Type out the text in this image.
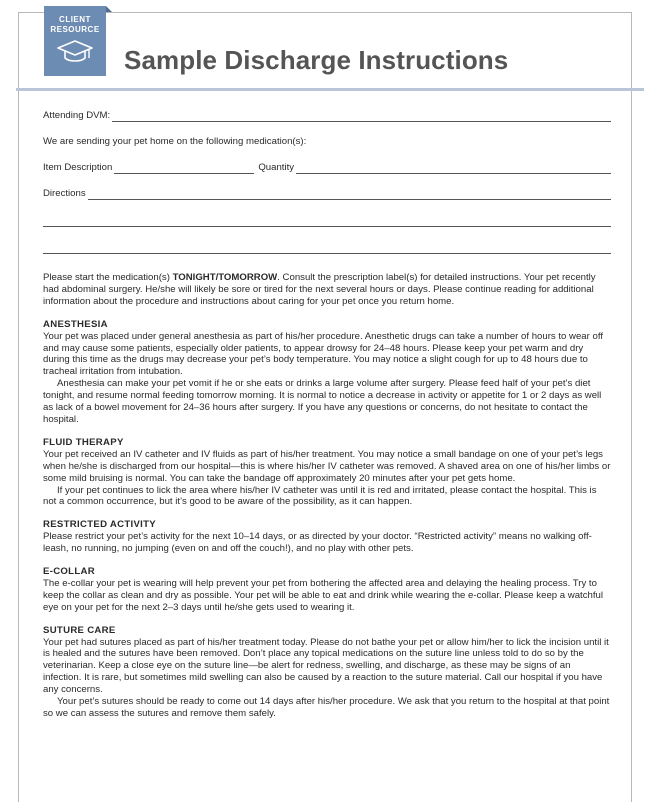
CLIENT
RESOURCE
Sample Discharge Instructions
Attending DVM:
We are sending your pet home on the following medication(s):
Item Description	Quantity
Directions

Please start the medication(s) TONIGHT/TOMORROW. Consult the prescription label(s) for detailed instructions. Your pet recently had abdominal surgery. He/she will likely be sore or tired for the next several hours or days. Please continue reading for additional information about the procedure and instructions about caring for your pet once you return home.

ANESTHESIA

Your pet was placed under general anesthesia as part of his/her procedure. Anesthetic drugs can take a number of hours to wear off and may cause some patients, especially older patients, to appear drowsy for 24–48 hours. Please keep your pet warm and dry during this time as the drugs may decrease your pet’s body temperature. You may notice a slight cough for up to 48 hours due to tracheal irritation from intubation.

Anesthesia can make your pet vomit if he or she eats or drinks a large volume after surgery. Please feed half of your pet’s diet tonight, and resume normal feeding tomorrow morning. It is normal to notice a decrease in activity or appetite for 1 or 2 days as well as lack of a bowel movement for 24–36 hours after surgery. If you have any questions or concerns, do not hesitate to contact the hospital.

FLUID THERAPY

Your pet received an IV catheter and IV fluids as part of his/her treatment. You may notice a small bandage on one of your pet’s legs when he/she is discharged from our hospital—this is where his/her IV catheter was removed. A shaved area on one of his/her limbs or some mild bruising is normal. You can take the bandage off approximately 20 minutes after your pet gets home.

If your pet continues to lick the area where his/her IV catheter was until it is red and irritated, please contact the hospital. This is not a common occurrence, but it’s good to be aware of the possibility, as it can happen.

RESTRICTED ACTIVITY

Please restrict your pet’s activity for the next 10–14 days, or as directed by your doctor. “Restricted activity” means no walking off-leash, no running, no jumping (even on and off the couch!), and no play with other pets.

E-COLLAR

The e-collar your pet is wearing will help prevent your pet from bothering the affected area and delaying the healing process. Try to keep the collar as clean and dry as possible. Your pet will be able to eat and drink while wearing the e-collar. Please keep a watchful eye on your pet for the next 2–3 days until he/she gets used to wearing it.

SUTURE CARE

Your pet had sutures placed as part of his/her treatment today. Please do not bathe your pet or allow him/her to lick the incision until it is healed and the sutures have been removed. Don’t place any topical medications on the suture line unless told to do so by the veterinarian. Keep a close eye on the suture line—be alert for redness, swelling, and discharge, as these may be signs of an infection. It is rare, but sometimes mild swelling can also be caused by a reaction to the suture material. Call our hospital if you have any concerns.

Your pet’s sutures should be ready to come out 14 days after his/her procedure. We ask that you return to the hospital at that point so we can assess the sutures and remove them safely.
